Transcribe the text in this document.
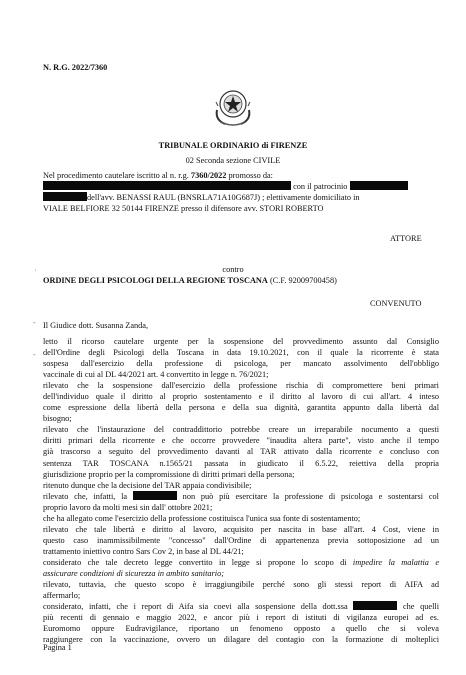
N. R.G. 2022/7360
TRIBUNALE ORDINARIO di FIRENZE
02 Seconda sezione CIVILE
Nel procedimento cautelare iscritto al n. r.g. 7360/2022 promosso da:
con il patrocinio
dell'avv. BENASSI RAUL (BNSRLA71A10G687J) ; elettivamente domiciliato in
VIALE BELFIORE 32 50144 FIRENZE presso il difensore avv. STORI ROBERTO
ATTORE
contro
ORDINE DEGLI PSICOLOGI DELLA REGIONE TOSCANA (C.F. 92009700458)
CONVENUTO
Il Giudice dott. Susanna Zanda,
letto il ricorso cautelare urgente per la sospensione del provvedimento assunto dal Consiglio
dell'Ordine degli Psicologi della Toscana in data 19.10.2021, con il quale la ricorrente è stata
sospesa dall'esercizio della professione di psicologa, per mancato assolvimento dell'obbligo
vaccinale di cui al DL 44/2021 art. 4 convertito in legge n. 76/2021;
rilevato che la sospensione dall'esercizio della professione rischia di compromettere beni primari
dell'individuo quale il diritto al proprio sostentamento e il diritto al lavoro di cui all'art. 4 inteso
come espressione della libertà della persona e della sua dignità, garantita appunto dalla libertà dal
bisogno;
rilevato che l'instaurazione del contraddittorio potrebbe creare un irreparabile nocumento a questi
diritti primari della ricorrente e che occorre provvedere "inaudita altera parte", visto anche il tempo
già trascorso a seguito del provvedimento davanti al TAR attivato dalla ricorrente e concluso con
sentenza TAR TOSCANA n.1565/21 passata in giudicato il 6.5.22, reiettiva della propria
giurisdizione proprio per la compromissione di diritti primari della persona;
ritenuto dunque che la decisione del TAR appaia condivisibile;
rilevato che, infatti, la	non può più esercitare la professione di psicologa e sostentarsi col
proprio lavoro da molti mesi sin dall' ottobre 2021;
che ha allegato come l'esercizio della professione costituisca l'unica sua fonte di sostentamento;
rilevato che tale libertà e diritto al lavoro, acquisito per nascita in base all'art. 4 Cost, viene in
questo caso inammissibilmente "concesso" dall'Ordine di appartenenza previa sottoposizione ad un
trattamento iniettivo contro Sars Cov 2, in base al DL 44/21;
considerato che tale decreto legge convertito in legge si propone lo scopo di impedire la malattia e
assicurare condizioni di sicurezza in ambito sanitario;
rilevato, tuttavia, che questo scopo è irraggiungibile perché sono gli stessi report di AIFA ad
affermarlo;
considerato, infatti, che i report di Aifa sia coevi alla sospensione della dott.ssa	che quelli
più recenti di gennaio e maggio 2022, e ancor più i report di istituti di vigilanza europei ad es.
Euromomo oppure Eudravigilance, riportano un fenomeno opposto a quello che si voleva
raggiungere con la vaccinazione, ovvero un dilagare del contagio con la formazione di molteplici
Pagina 1
-
-
·
